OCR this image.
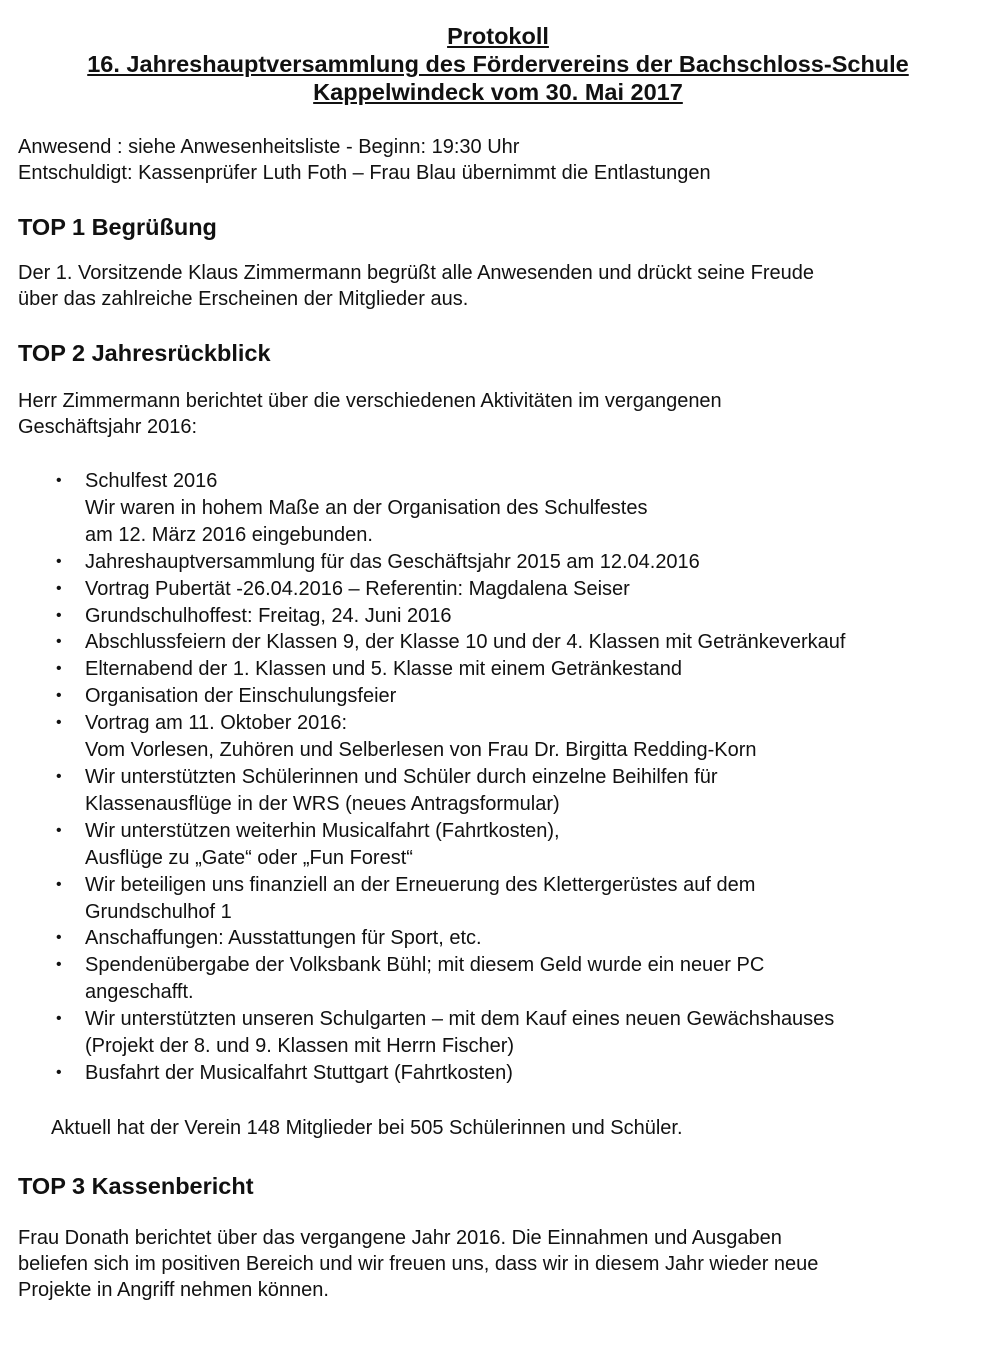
Protokoll
16. Jahreshauptversammlung des Fördervereins der Bachschloss-Schule
Kappelwindeck vom 30. Mai 2017
Anwesend : siehe Anwesenheitsliste - Beginn: 19:30 Uhr
Entschuldigt: Kassenprüfer Luth Foth – Frau Blau übernimmt die Entlastungen
TOP 1 Begrüßung
Der 1. Vorsitzende Klaus Zimmermann begrüßt alle Anwesenden und drückt seine Freude
über das zahlreiche Erscheinen der Mitglieder aus.
TOP 2 Jahresrückblick
Herr Zimmermann berichtet über die verschiedenen Aktivitäten im vergangenen
Geschäftsjahr 2016:
• Schulfest 2016
Wir waren in hohem Maße an der Organisation des Schulfestes
am 12. März 2016 eingebunden.
• Jahreshauptversammlung für das Geschäftsjahr 2015 am 12.04.2016
• Vortrag Pubertät -26.04.2016 – Referentin: Magdalena Seiser
• Grundschulhoffest: Freitag, 24. Juni 2016
• Abschlussfeiern der Klassen 9, der Klasse 10 und der 4. Klassen mit Getränkeverkauf
• Elternabend der 1. Klassen und 5. Klasse mit einem Getränkestand
• Organisation der Einschulungsfeier
• Vortrag am 11. Oktober 2016:
Vom Vorlesen, Zuhören und Selberlesen von Frau Dr. Birgitta Redding-Korn
• Wir unterstützten Schülerinnen und Schüler durch einzelne Beihilfen für
Klassenausflüge in der WRS (neues Antragsformular)
• Wir unterstützen weiterhin Musicalfahrt (Fahrtkosten),
Ausflüge zu „Gate“ oder „Fun Forest“
• Wir beteiligen uns finanziell an der Erneuerung des Klettergerüstes auf dem
Grundschulhof 1
• Anschaffungen: Ausstattungen für Sport, etc.
• Spendenübergabe der Volksbank Bühl; mit diesem Geld wurde ein neuer PC
angeschafft.
• Wir unterstützten unseren Schulgarten – mit dem Kauf eines neuen Gewächshauses
(Projekt der 8. und 9. Klassen mit Herrn Fischer)
• Busfahrt der Musicalfahrt Stuttgart (Fahrtkosten)
Aktuell hat der Verein 148 Mitglieder bei 505 Schülerinnen und Schüler.
TOP 3 Kassenbericht
Frau Donath berichtet über das vergangene Jahr 2016. Die Einnahmen und Ausgaben
beliefen sich im positiven Bereich und wir freuen uns, dass wir in diesem Jahr wieder neue
Projekte in Angriff nehmen können.
